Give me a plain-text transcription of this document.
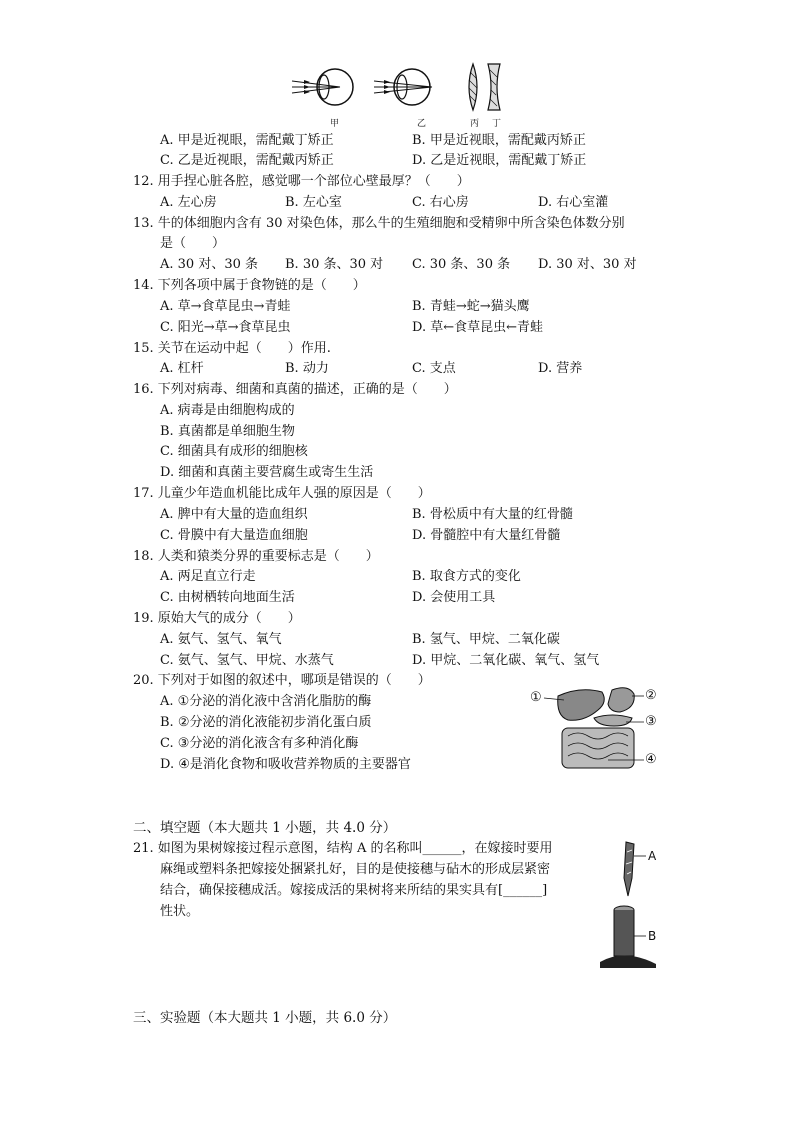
甲	乙	丙 丁
A. 甲是近视眼，需配戴丁矫正	B. 甲是近视眼，需配戴丙矫正
C. 乙是近视眼，需配戴丙矫正	D. 乙是近视眼，需配戴丁矫正
12. 用手捏心脏各腔，感觉哪一个部位心壁最厚？（　　）
A. 左心房	B. 左心室	C. 右心房	D. 右心室灌
13. 牛的体细胞内含有 30 对染色体，那么牛的生殖细胞和受精卵中所含染色体数分别
是（　　）
A. 30 对、30 条 B. 30 条、30 对 C. 30 条、30 条 D. 30 对、30 对
14. 下列各项中属于食物链的是（　　）
A. 草→食草昆虫→青蛙	B. 青蛙→蛇→猫头鹰
C. 阳光→草→食草昆虫	D. 草←食草昆虫←青蛙
15. 关节在运动中起（　　）作用.
A. 杠杆	B. 动力	C. 支点	D. 营养
16. 下列对病毒、细菌和真菌的描述，正确的是（　　）
A. 病毒是由细胞构成的
B. 真菌都是单细胞生物
C. 细菌具有成形的细胞核
D. 细菌和真菌主要营腐生或寄生生活
17. 儿童少年造血机能比成年人强的原因是（　　）
A. 脾中有大量的造血组织	B. 骨松质中有大量的红骨髓
C. 骨膜中有大量造血细胞	D. 骨髓腔中有大量红骨髓
18. 人类和猿类分界的重要标志是（　　）
A. 两足直立行走	B. 取食方式的变化
C. 由树栖转向地面生活	D. 会使用工具
19. 原始大气的成分（　　）
A. 氨气、氢气、氧气	B. 氢气、甲烷、二氧化碳
C. 氨气、氢气、甲烷、水蒸气	D. 甲烷、二氧化碳、氧气、氢气
20. 下列对于如图的叙述中，哪项是错误的（　　）
A. ①分泌的消化液中含消化脂肪的酶
B. ②分泌的消化液能初步消化蛋白质
C. ③分泌的消化液含有多种消化酶
D. ④是消化食物和吸收营养物质的主要器官
①	②
③
④
二、填空题（本大题共 1 小题，共 4.0 分）
21. 如图为果树嫁接过程示意图，结构 A 的名称叫______，在嫁接时要用
麻绳或塑料条把嫁接处捆紧扎好，目的是使接穗与砧木的形成层紧密
结合，确保接穗成活。嫁接成活的果树将来所结的果实具有[______]
性状。
A
B
三、实验题（本大题共 1 小题，共 6.0 分）
